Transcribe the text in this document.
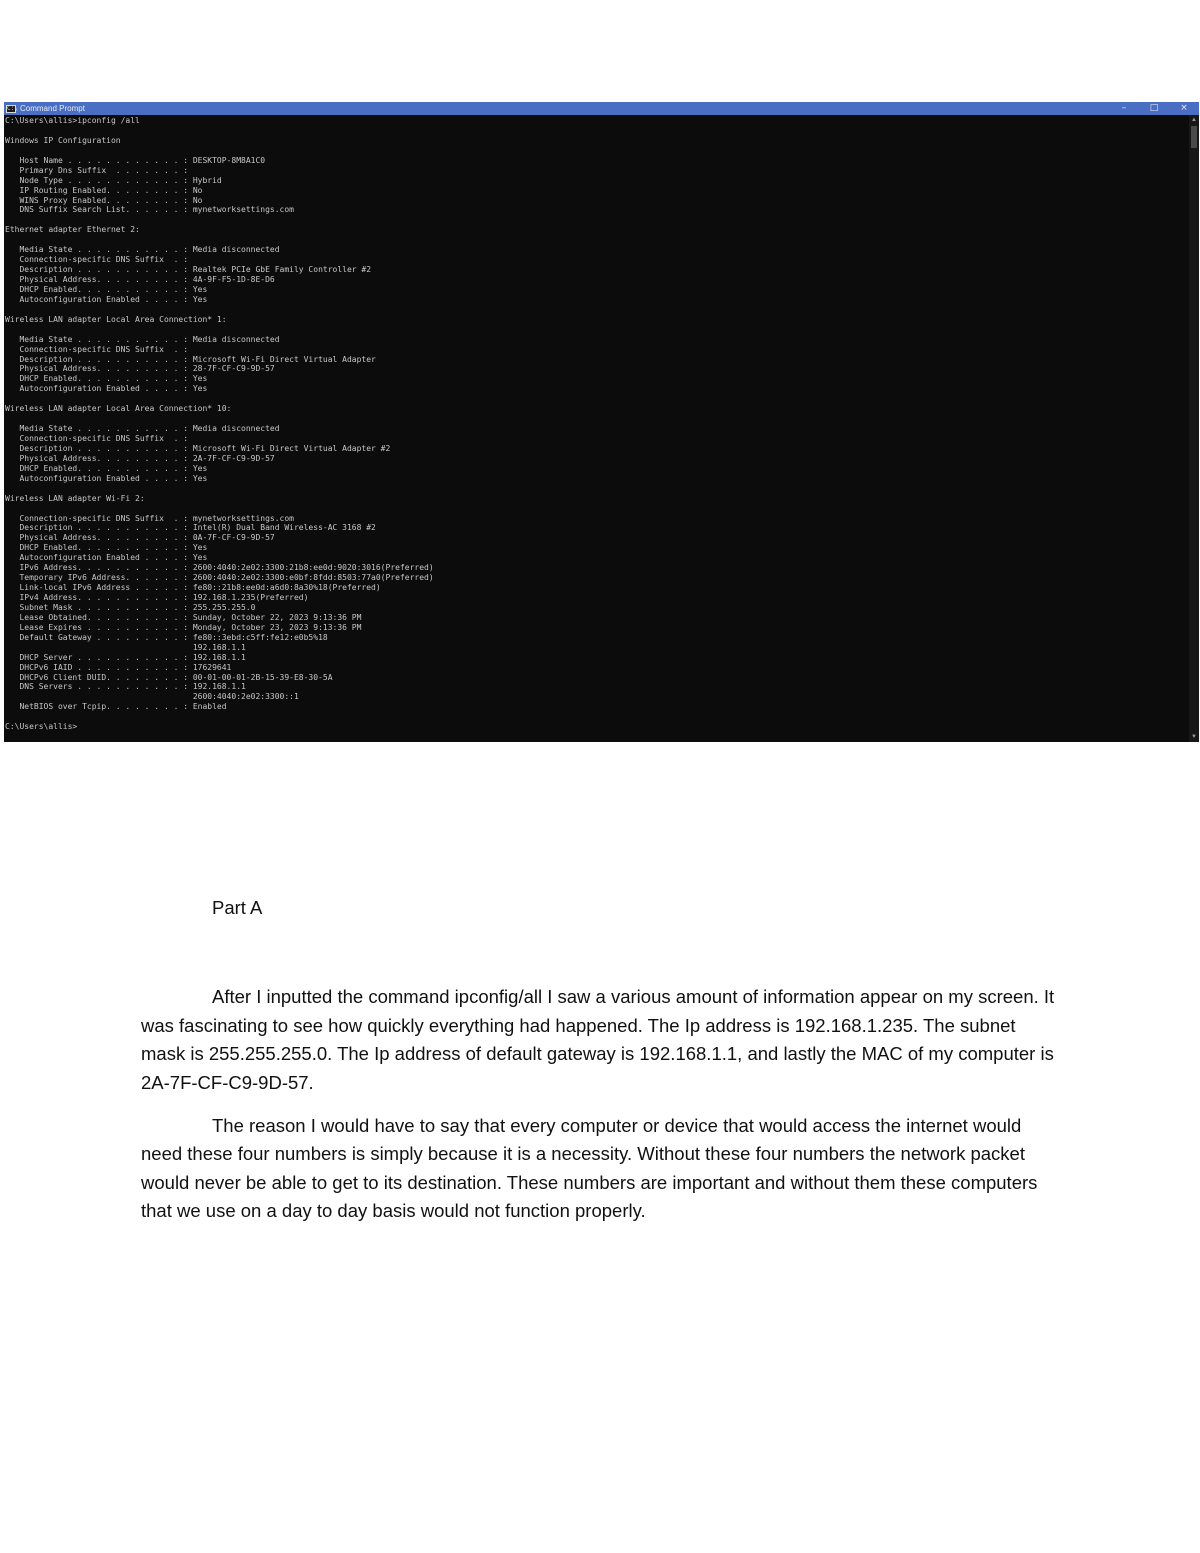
C:\ Command Prompt	–	□	×
C:\Users\allis>ipconfig /all
Windows IP Configuration
Host Name . . . . . . . . . . . . : DESKTOP-8M8A1C0
Primary Dns Suffix  . . . . . . . :
Node Type . . . . . . . . . . . . : Hybrid
IP Routing Enabled. . . . . . . . : No
WINS Proxy Enabled. . . . . . . . : No
DNS Suffix Search List. . . . . . : mynetworksettings.com
Ethernet adapter Ethernet 2:
Media State . . . . . . . . . . . : Media disconnected
Connection-specific DNS Suffix  . :
Description . . . . . . . . . . . : Realtek PCIe GbE Family Controller #2
Physical Address. . . . . . . . . : 4A-9F-F5-1D-8E-D6
DHCP Enabled. . . . . . . . . . . : Yes
Autoconfiguration Enabled . . . . : Yes
Wireless LAN adapter Local Area Connection* 1:
Media State . . . . . . . . . . . : Media disconnected
Connection-specific DNS Suffix  . :
Description . . . . . . . . . . . : Microsoft Wi-Fi Direct Virtual Adapter
Physical Address. . . . . . . . . : 28-7F-CF-C9-9D-57
DHCP Enabled. . . . . . . . . . . : Yes
Autoconfiguration Enabled . . . . : Yes
Wireless LAN adapter Local Area Connection* 10:
Media State . . . . . . . . . . . : Media disconnected
Connection-specific DNS Suffix  . :
Description . . . . . . . . . . . : Microsoft Wi-Fi Direct Virtual Adapter #2
Physical Address. . . . . . . . . : 2A-7F-CF-C9-9D-57
DHCP Enabled. . . . . . . . . . . : Yes
Autoconfiguration Enabled . . . . : Yes
Wireless LAN adapter Wi-Fi 2:
Connection-specific DNS Suffix  . : mynetworksettings.com
Description . . . . . . . . . . . : Intel(R) Dual Band Wireless-AC 3168 #2
Physical Address. . . . . . . . . : 0A-7F-CF-C9-9D-57
DHCP Enabled. . . . . . . . . . . : Yes
Autoconfiguration Enabled . . . . : Yes
IPv6 Address. . . . . . . . . . . : 2600:4040:2e02:3300:21b8:ee0d:9020:3016(Preferred)
Temporary IPv6 Address. . . . . . : 2600:4040:2e02:3300:e0bf:8fdd:8503:77a0(Preferred)
Link-local IPv6 Address . . . . . : fe80::21b8:ee0d:a6d0:8a30%18(Preferred)
IPv4 Address. . . . . . . . . . . : 192.168.1.235(Preferred)
Subnet Mask . . . . . . . . . . . : 255.255.255.0
Lease Obtained. . . . . . . . . . : Sunday, October 22, 2023 9:13:36 PM
Lease Expires . . . . . . . . . . : Monday, October 23, 2023 9:13:36 PM
Default Gateway . . . . . . . . . : fe80::3ebd:c5ff:fe12:e0b5%18
192.168.1.1
DHCP Server . . . . . . . . . . . : 192.168.1.1
DHCPv6 IAID . . . . . . . . . . . : 17629641
DHCPv6 Client DUID. . . . . . . . : 00-01-00-01-2B-15-39-E8-30-5A
DNS Servers . . . . . . . . . . . : 192.168.1.1
2600:4040:2e02:3300::1
NetBIOS over Tcpip. . . . . . . . : Enabled
C:\Users\allis>
▲
▼
Part A

After I inputted the command ipconfig/all I saw a various amount of information appear on my screen. It was fascinating to see how quickly everything had happened. The Ip address is 192.168.1.235. The subnet mask is 255.255.255.0. The Ip address of default gateway is 192.168.1.1, and lastly the MAC of my computer is 2A-7F-CF-C9-9D-57.

The reason I would have to say that every computer or device that would access the internet would need these four numbers is simply because it is a necessity. Without these four numbers the network packet would never be able to get to its destination. These numbers are important and without them these computers that we use on a day to day basis would not function properly.
